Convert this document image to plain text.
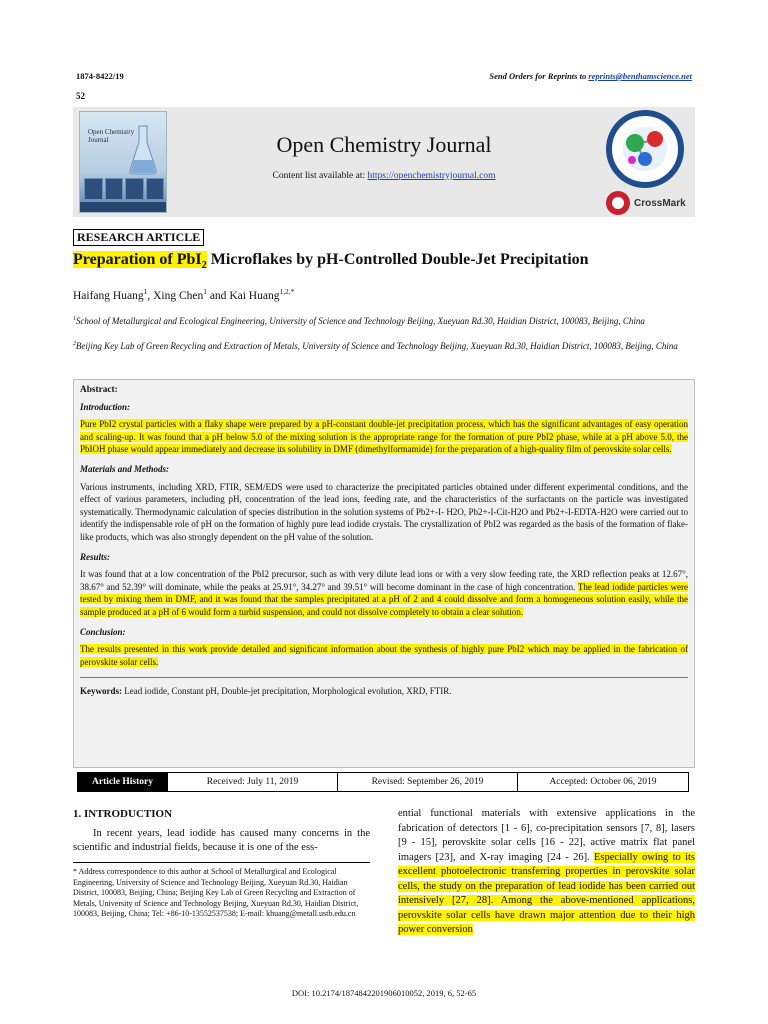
1874-8422/19	Send Orders for Reprints to reprints@benthamscience.net
52
Open Chemistry Journal	Open Chemistry Journal
Content list available at: https://openchemistryjournal.com
CrossMark
RESEARCH ARTICLE
Preparation of PbI$_2$ Microflakes by pH-Controlled Double-Jet Precipitation
Haifang Huang$^1$, Xing Chen$^1$ and Kai Huang$^{1,2,*}$
$^1$School of Metallurgical and Ecological Engineering, University of Science and Technology Beijing, Xueyuan Rd.30, Haidian District, 100083, Beijing, China
$^2$Beijing Key Lab of Green Recycling and Extraction of Metals, University of Science and Technology Beijing, Xueyuan Rd.30, Haidian District, 100083, Beijing, China
Abstract:
Introduction:
Pure PbI2 crystal particles with a flaky shape were prepared by a pH-constant double-jet precipitation process, which has the significant advantages of easy operation and scaling-up. It was found that a pH below 5.0 of the mixing solution is the appropriate range for the formation of pure PbI2 phase, while at a pH above 5.0, the PbIOH phase would appear immediately and decrease its solubility in DMF (dimethylformamide) for the preparation of a high-quality film of perovskite solar cells.
Materials and Methods:
Various instruments, including XRD, FTIR, SEM/EDS were used to characterize the precipitated particles obtained under different experimental conditions, and the effect of various parameters, including pH, concentration of the lead ions, feeding rate, and the characteristics of the surfactants on the particle was investigated systematically. Thermodynamic calculation of species distribution in the solution systems of Pb2+-I- H2O, Pb2+-I-Cit-H2O and Pb2+-I-EDTA-H2O were carried out to identify the indispensable role of pH on the formation of highly pure lead iodide crystals. The crystallization of PbI2 was regarded as the basis of the formation of flake-like products, which was also strongly dependent on the pH value of the solution.
Results:
It was found that at a low concentration of the PbI2 precursor, such as with very dilute lead ions or with a very slow feeding rate, the XRD reflection peaks at 12.67°, 38.67° and 52.39° will dominate, while the peaks at 25.91°, 34.27° and 39.51° will become dominant in the case of high concentration. The lead iodide particles were tested by mixing them in DMF, and it was found that the samples precipitated at a pH of 2 and 4 could dissolve and form a homogeneous solution easily, while the sample produced at a pH of 6 would form a turbid suspension, and could not dissolve completely to obtain a clear solution.
Conclusion:
The results presented in this work provide detailed and significant information about the synthesis of highly pure PbI2 which may be applied in the fabrication of perovskite solar cells.
Keywords: Lead iodide, Constant pH, Double-jet precipitation, Morphological evolution, XRD, FTIR.
Article History	Received: July 11, 2019	Revised: September 26, 2019	Accepted: October 06, 2019
1. INTRODUCTION
In recent years, lead iodide has caused many concerns in the scientific and industrial fields, because it is one of the ess-
* Address correspondence to this author at School of Metallurgical and Ecological Engineering, University of Science and Technology Beijing, Xueyuan Rd.30, Haidian District, 100083, Beijing, China; Beijing Key Lab of Green Recycling and Extraction of Metals, University of Science and Technology Beijing, Xueyuan Rd.30, Haidian District, 100083, Beijing, China; Tel: +86-10-13552537538; E-mail: khuang@metall.ustb.edu.cn
ential functional materials with extensive applications in the fabrication of detectors [1 - 6], co-precipitation sensors [7, 8], lasers [9 - 15], perovskite solar cells [16 - 22], active matrix flat panel imagers [23], and X-ray imaging [24 - 26]. Especially owing to its excellent photoelectronic transferring properties in perovskite solar cells, the study on the preparation of lead iodide has been carried out intensively [27, 28]. Among the above-mentioned applications, perovskite solar cells have drawn major attention due to their high power conversion
DOI: 10.2174/1874842201906010052, 2019, 6, 52-65
